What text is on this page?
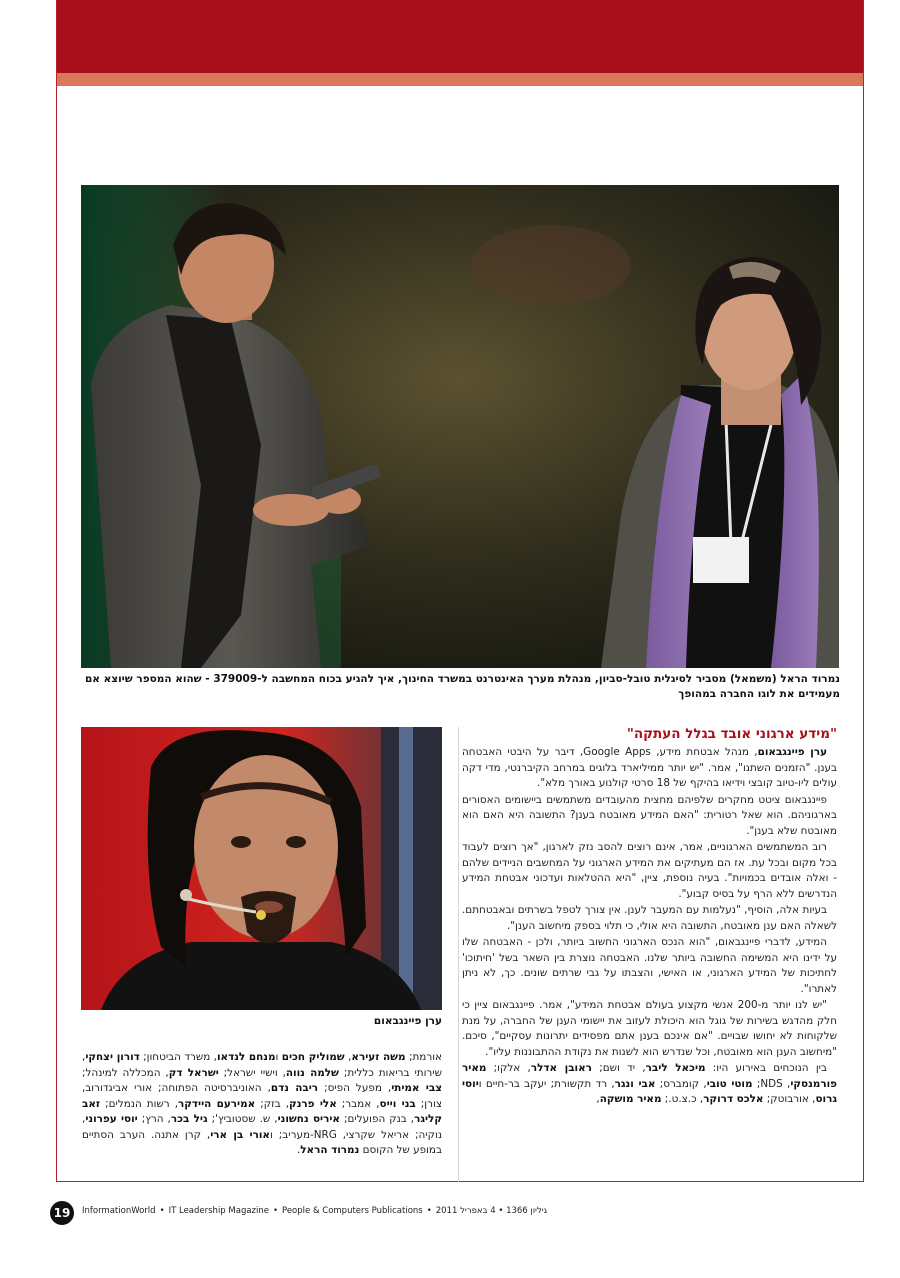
נמרוד הראל (משמאל) מסביר לסיגלית טובל-סביון, מנהלת מערך האינטרנט במשרד החינוך, איך להגיע בכוח המחשבה ל-379009 - שהוא המספר שיוצא אם מעמידים את לוגו החברה במהופך
"מידע ארגוני אובד בגלל העתקה"

ערן פיינגבאום, מנהל אבטחת מידע, Google Apps, דיבר על היבטי האבטחה בענן. "הזמנים השתנו", אמר. "יש יותר ממיליארד בלוגים במרחב הקיברנטי, מדי דקה עולים ליו-טיוב קובצי וידיאו בהיקף של 18 סרטי קולנוע באורך מלא".

פיינגבאום ציטט מחקרים שלפיהם מחצית מהעובדים משתמשים ביישומים האסורים בארגוניהם. הוא שאל רטורית: "האם המידע מאובטח בענן? התשובה היא האם הוא מאובטח שלא בענן".

רוב המשתמשים הארגוניים, אמר, אינם רוצים להסב נזק לארגון, "אך רוצים לעבוד בכל מקום ובכל עת. אז הם מעתיקים את המידע הארגוני על המחשבים הניידים שלהם - ואלה אובדים בכמויות". בעיה נוספת, ציין, "היא ההטלאות ועדכוני אבטחת המידע הנדרשים ללא הרף על בסיס קבוע".

בעיות אלה, הוסיף, "נעלמות עם המעבר לענן. אין צורך לטפל בשרתים ובאבטחתם. לשאלה האם ענן מאובטח, התשובה היא אולי, כי תלוי בספק מיחשוב הענן".

המידע, לדברי פיינגבאום, "הוא הנכס הארגוני החשוב ביותר, ולכן - האבטחה שלו על ידינו היא המשימה החשובה ביותר שלנו. האבטחה נוצרת בין השאר בשל 'חיתוכו' לחתיכות של המידע הארגוני, או האישי, והצבתו על גבי שרתים שונים. כך, לא ניתן לאתרו".

"יש לנו יותר מ-200 אנשי מקצוע בעולם אבטחת המידע", אמר. פיינגבאום ציין כי חלק מהדגש בשירות של גוגל הוא היכולת לעזוב את יישומי הענן של החברה, על מנת שלקוחות לא יחושו שבויים. "אם אינכם בענן אתם מפסידים יתרונות עסקיים", סיכם. "מיחשוב הענן הוא מאובטח, וכל שנדרש הוא לשנות את נקודת ההתבוננות עליו".

בין הנוכחים באירוע היו: מיכאל ליבר, יד ושם; ראובן אדלר, אלקו; מאיר פורמנסקי, NDS; מוטי טובי, קומברס; אבי ונגר, רד תקשורת; יעקב בר-חיים ויוסי גרוס, אורבוטק; אלכס דרוקר, כ.צ.ט.; מאיר מושקה,

ערן פיינגבאום
אורמת; משה זעירא, שמוליק חכים ומנחם לנדאו, משרד הביטחון; דורון יצחקי, שירותי בריאות כללית; שלמה נווה, וישיי ישראל; ישראל דק, המכללה למינהל; צבי אמיתי, מפעל הפיס; ריבה נדם, האוניברסיטה הפתוחה; אורי אביגדורוב, צורן; בני וייס, אמבר; אלי פרנק, בזק; אמירעם היידקר, רשות הנמלים; זאב קליגר, בנק הפועלים; איריס נחשוני, ש. שסטוביץ'; גיל בכר, הרץ; יוסי עפרוני, נוקיה; אריאל שקרצי, NRG-מעריב; ואורי בן ארי, קרן אתנה. הערב הסתיים במופע של הקוסם נמרוד הראל.
19	InformationWorld • IT Leadership Magazine • People & Computers Publications • גיליון 1366 • 4 באפריל 2011
